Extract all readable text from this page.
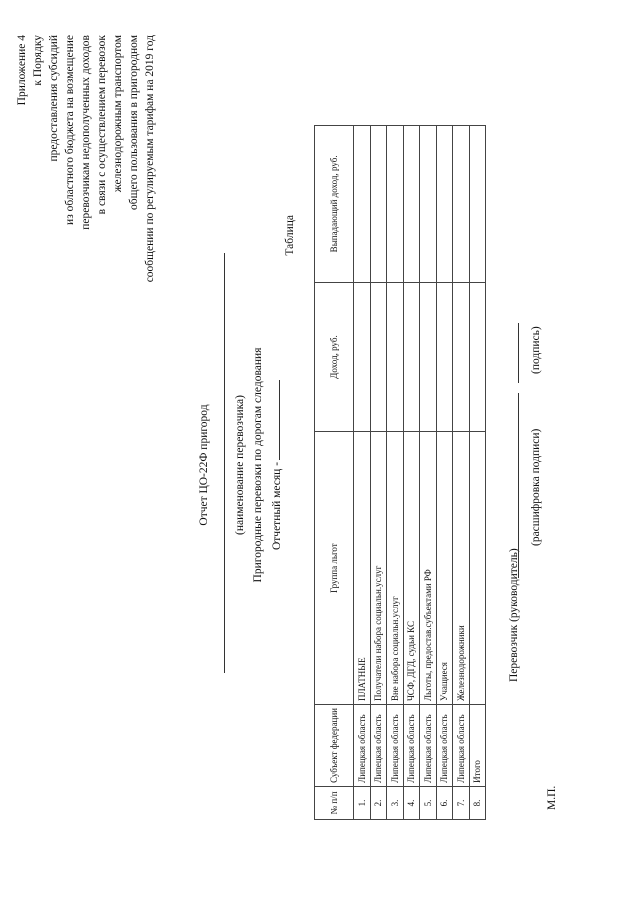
Приложение 4 к Порядку предоставления субсидий из областного бюджета на возмещение перевозчикам недополученных доходов в связи с осуществлением перевозок железнодорожным транспортом общего пользования в пригородном сообщении по регулируемым тарифам на 2019 год
Отчет ЦО-22Ф пригород (наименование перевозчика) Пригородные перевозки по дорогам следования Отчетный месяц -
Таблица
№ п/п	Субъект федерации	Группа льгот	Доход, руб.	Выпадающий доход, руб.
1.	Липецкая область	ПЛАТНЫЕ		
2.	Липецкая область	Получатели набора социальн.услуг		
3.	Липецкая область	Вне набора социальн.услуг		
4.	Липецкая область	ЧСФ, ДГД, судьи КС		
5.	Липецкая область	Льготы, предостав.субъектами РФ		
6.	Липецкая область	Учащиеся		
7.	Липецкая область	Железнодорожники		
8.	Итого			
Перевозчик (руководитель)
(расшифровка подписи)
(подпись)
М.П.
